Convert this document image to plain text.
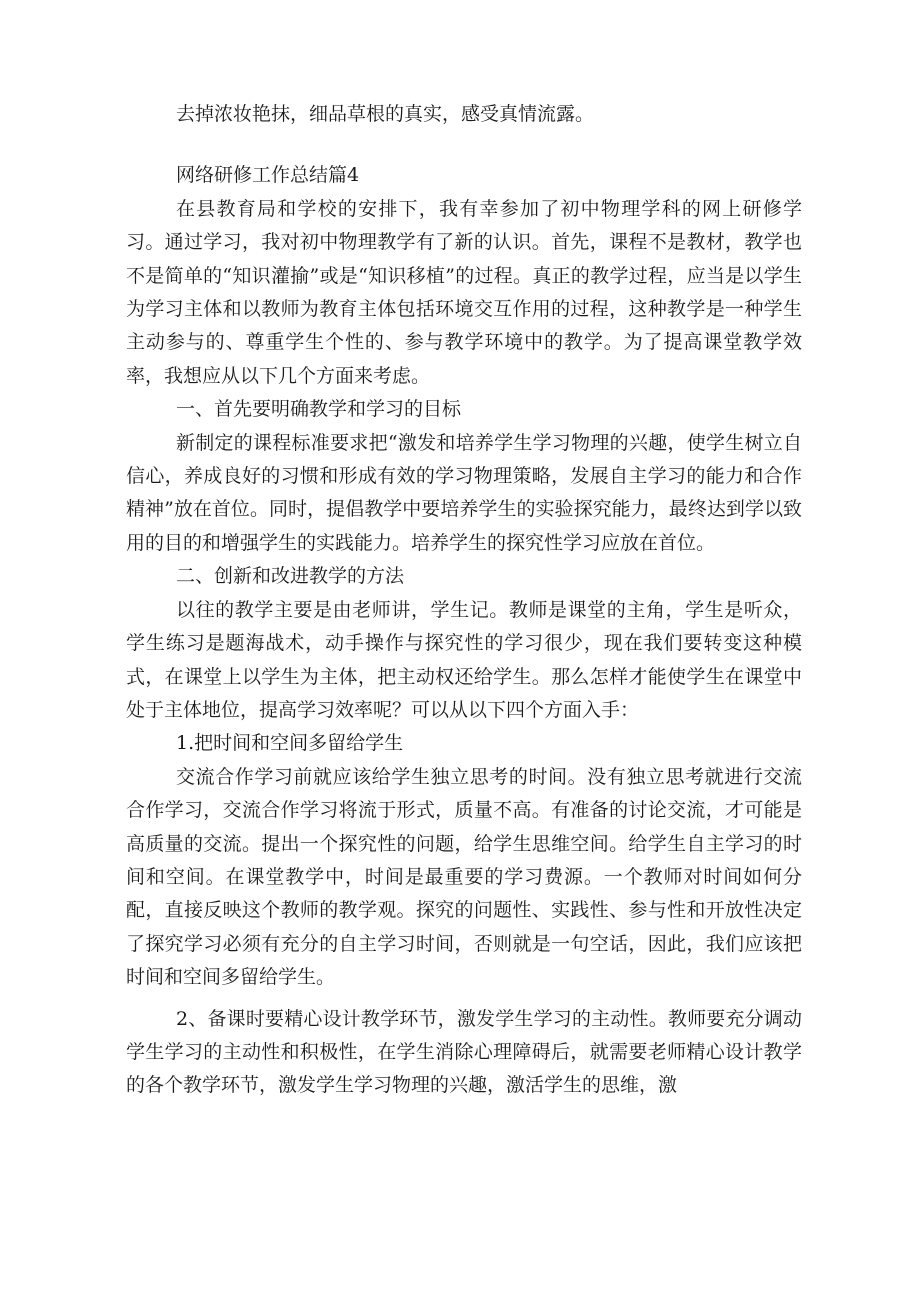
去掉浓妆艳抹，细品草根的真实，感受真情流露。

网络研修工作总结篇4

在县教育局和学校的安排下，我有幸参加了初中物理学科的网上研修学习。通过学习，我对初中物理教学有了新的认识。首先，课程不是教材，教学也不是简单的“知识灌揄”或是“知识移植”的过程。真正的教学过程，应当是以学生为学习主体和以教师为教育主体包括环境交互作用的过程，这种教学是一种学生主动参与的、尊重学生个性的、参与教学环境中的教学。为了提高课堂教学效率，我想应从以下几个方面来考虑。

一、首先要明确教学和学习的目标

新制定的课程标准要求把“激发和培养学生学习物理的兴趣，使学生树立自信心，养成良好的习惯和形成有效的学习物理策略，发展自主学习的能力和合作精神”放在首位。同时，提倡教学中要培养学生的实验探究能力，最终达到学以致用的目的和增强学生的实践能力。培养学生的探究性学习应放在首位。

二、创新和改进教学的方法

以往的教学主要是由老师讲，学生记。教师是课堂的主角，学生是听众，学生练习是题海战术，动手操作与探究性的学习很少，现在我们要转变这种模式，在课堂上以学生为主体，把主动权还给学生。那么怎样才能使学生在课堂中处于主体地位，提高学习效率呢？可以从以下四个方面入手：

1.把时间和空间多留给学生

交流合作学习前就应该给学生独立思考的时间。没有独立思考就进行交流合作学习，交流合作学习将流于形式，质量不高。有准备的讨论交流，才可能是高质量的交流。提出一个探究性的问题，给学生思维空间。给学生自主学习的时间和空间。在课堂教学中，时间是最重要的学习费源。一个教师对时间如何分配，直接反映这个教师的教学观。探究的问题性、实践性、参与性和开放性决定了探究学习必须有充分的自主学习时间，否则就是一句空话，因此，我们应该把时间和空间多留给学生。

2、备课时要精心设计教学环节，激发学生学习的主动性。教师要充分调动学生学习的主动性和积极性，在学生消除心理障碍后，就需要老师精心设计教学的各个教学环节，激发学生学习物理的兴趣，激活学生的思维，激
